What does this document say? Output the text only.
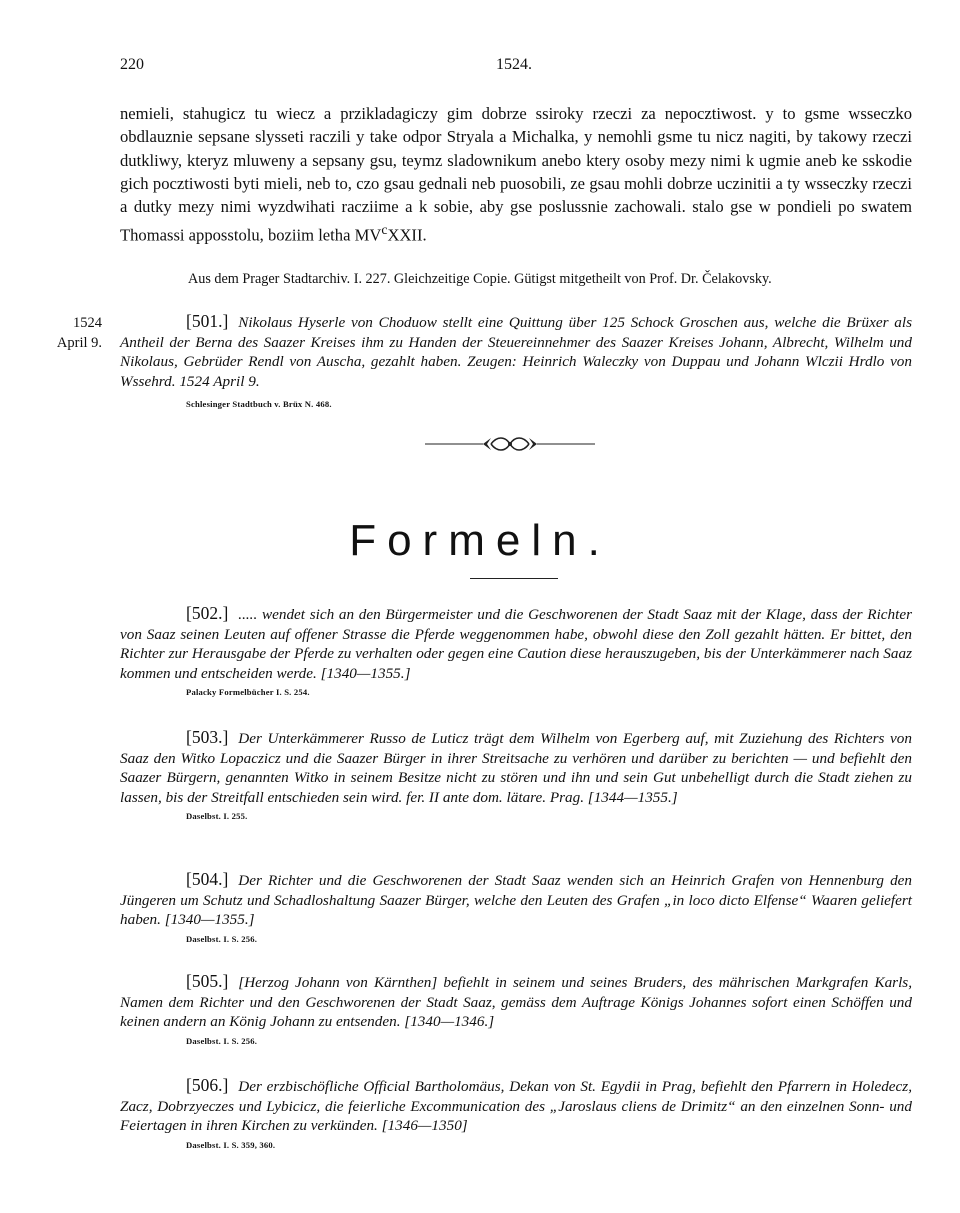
220	1524.

nemieli, stahugicz tu wiecz a przikladagiczy gim dobrze ssiroky rzeczi za nepocztiwost. y to gsme wsseczko obdlauznie sepsane slysseti raczili y take odpor Stryala a Michalka, y nemohli gsme tu nicz nagiti, by takowy rzeczi dutkliwy, kteryz mluweny a sepsany gsu, teymz sladownikum anebo ktery osoby mezy nimi k ugmie aneb ke sskodie gich pocztiwosti byti mieli, neb to, czo gsau gednali neb puosobili, ze gsau mohli dobrze uczinitii a ty wsseczky rzeczi a dutky mezy nimi wyzdwihati racziime a k sobie, aby gse poslussnie zachowali. stalo gse w pondieli po swatem Thomassi apposstolu, boziim letha $MV^cXXII$.

Aus dem Prager Stadtarchiv. I. 227. Gleichzeitige Copie. Gütigst mitgetheilt von Prof. Dr. Čelakovsky.

1524
April 9.

[501.] Nikolaus Hyserle von Choduow stellt eine Quittung über 125 Schock Groschen aus, welche die Brüxer als Antheil der Berna des Saazer Kreises ihm zu Handen der Steuereinnehmer des Saazer Kreises Johann, Albrecht, Wilhelm und Nikolaus, Gebrüder Rendl von Auscha, gezahlt haben. Zeugen: Heinrich Waleczky von Duppau und Johann Wlczii Hrdlo von Wssehrd. 1524 April 9.

Schlesinger Stadtbuch v. Brüx N. 468.
Formeln.

[502.] ..... wendet sich an den Bürgermeister und die Geschworenen der Stadt Saaz mit der Klage, dass der Richter von Saaz seinen Leuten auf offener Strasse die Pferde weggenommen habe, obwohl diese den Zoll gezahlt hätten. Er bittet, den Richter zur Herausgabe der Pferde zu verhalten oder gegen eine Caution diese herauszugeben, bis der Unterkämmerer nach Saaz kommen und entscheiden werde. [1340—1355.]

Palacky Formelbücher I. S. 254.

[503.] Der Unterkämmerer Russo de Luticz trägt dem Wilhelm von Egerberg auf, mit Zuziehung des Richters von Saaz den Witko Lopaczicz und die Saazer Bürger in ihrer Streitsache zu verhören und darüber zu berichten — und befiehlt den Saazer Bürgern, genannten Witko in seinem Besitze nicht zu stören und ihn und sein Gut unbehelligt durch die Stadt ziehen zu lassen, bis der Streitfall entschieden sein wird. fer. II ante dom. lätare. Prag. [1344—1355.]

Daselbst. I. 255.

[504.] Der Richter und die Geschworenen der Stadt Saaz wenden sich an Heinrich Grafen von Hennenburg den Jüngeren um Schutz und Schadloshaltung Saazer Bürger, welche den Leuten des Grafen „in loco dicto Elfense“ Waaren geliefert haben. [1340—1355.]

Daselbst. I. S. 256.

[505.] [Herzog Johann von Kärnthen] befiehlt in seinem und seines Bruders, des mährischen Markgrafen Karls, Namen dem Richter und den Geschworenen der Stadt Saaz, gemäss dem Auftrage Königs Johannes sofort einen Schöffen und keinen andern an König Johann zu entsenden. [1340—1346.]

Daselbst. I. S. 256.

[506.] Der erzbischöfliche Official Bartholomäus, Dekan von St. Egydii in Prag, befiehlt den Pfarrern in Holedecz, Zacz, Dobrzyeczes und Lybicicz, die feierliche Excommunication des „Jaroslaus cliens de Drimitz“ an den einzelnen Sonn- und Feiertagen in ihren Kirchen zu verkünden. [1346—1350]

Daselbst. I. S. 359, 360.
